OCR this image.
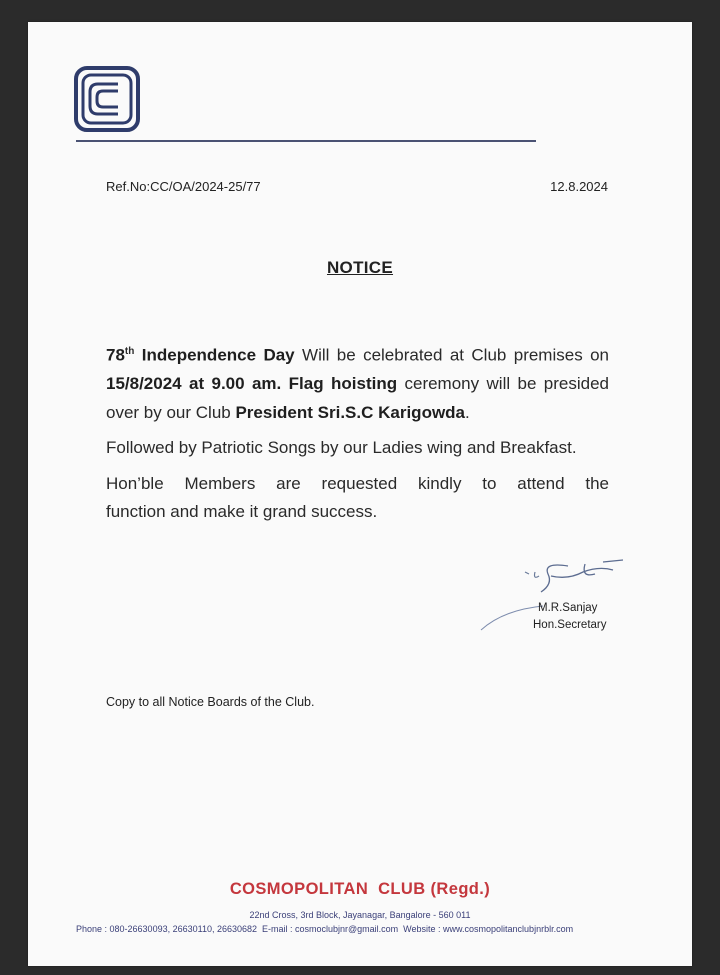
Ref.No:CC/OA/2024-25/77	12.8.2024
NOTICE

78th Independence Day Will be celebrated at Club premises on 15/8/2024 at 9.00 am. Flag hoisting ceremony will be presided over by our Club President Sri.S.C Karigowda.

Followed by Patriotic Songs by our Ladies wing and Breakfast.

Hon’ble Members are requested kindly to attend the
function and make it grand success.

M.R.Sanjay
Hon.Secretary
Copy to all Notice Boards of the Club.
COSMOPOLITAN  CLUB (Regd.)
22nd Cross, 3rd Block, Jayanagar, Bangalore - 560 011
Phone : 080-26630093, 26630110, 26630682  E-mail : cosmoclubjnr@gmail.com  Website : www.cosmopolitanclubjnrblr.com
